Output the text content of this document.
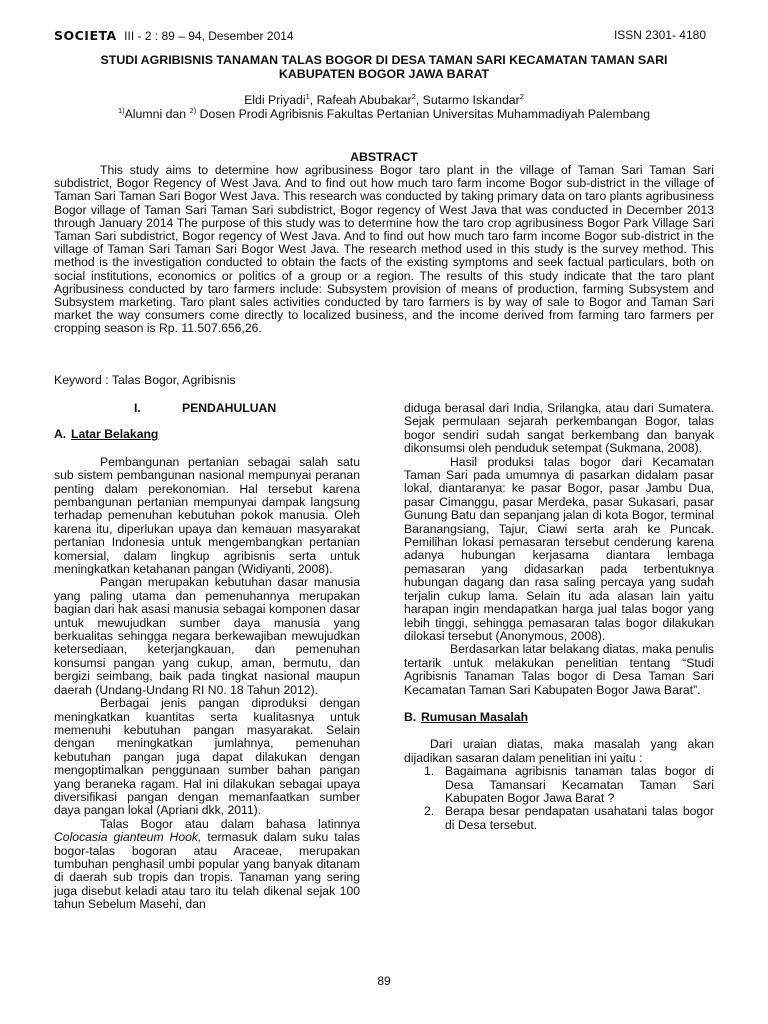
SOCIETA III - 2 : 89 – 94, Desember 2014	ISSN 2301- 4180
STUDI AGRIBISNIS TANAMAN TALAS BOGOR DI DESA TAMAN SARI KECAMATAN TAMAN SARI
KABUPATEN BOGOR JAWA BARAT
Eldi Priyadi$^1$, Rafeah Abubakar$^2$, Sutarmo Iskandar$^2$
$^{1)}$Alumni dan $^{2)}$ Dosen Prodi Agribisnis Fakultas Pertanian Universitas Muhammadiyah Palembang
ABSTRACT
This study aims to determine how agribusiness Bogor taro plant in the village of Taman Sari Taman Sari subdistrict, Bogor Regency of West Java. And to find out how much taro farm income Bogor sub-district in the village of Taman Sari Taman Sari Bogor West Java. This research was conducted by taking primary data on taro plants agribusiness Bogor village of Taman Sari Taman Sari subdistrict, Bogor regency of West Java that was conducted in December 2013 through January 2014 The purpose of this study was to determine how the taro crop agribusiness Bogor Park Village Sari Taman Sari subdistrict, Bogor regency of West Java. And to find out how much taro farm income Bogor sub-district in the village of Taman Sari Taman Sari Bogor West Java. The research method used in this study is the survey method. This method is the investigation conducted to obtain the facts of the existing symptoms and seek factual particulars, both on social institutions, economics or politics of a group or a region. The results of this study indicate that the taro plant Agribusiness conducted by taro farmers include: Subsystem provision of means of production, farming Subsystem and Subsystem marketing. Taro plant sales activities conducted by taro farmers is by way of sale to Bogor and Taman Sari market the way consumers come directly to localized business, and the income derived from farming taro farmers per cropping season is Rp. 11.507.656,26.
Keyword : Talas Bogor, Agribisnis
I.	PENDAHULUAN
A. Latar Belakang

Pembangunan pertanian sebagai salah satu sub sistem pembangunan nasional mempunyai peranan penting dalam perekonomian. Hal tersebut karena pembangunan pertanian mempunyai dampak langsung terhadap pemenuhan kebutuhan pokok manusia. Oleh karena itu, diperlukan upaya dan kemauan masyarakat pertanian Indonesia untuk mengembangkan pertanian komersial, dalam lingkup agribisnis serta untuk meningkatkan ketahanan pangan (Widiyanti, 2008).

Pangan merupakan kebutuhan dasar manusia yang paling utama dan pemenuhannya merupakan bagian dari hak asasi manusia sebagai komponen dasar untuk mewujudkan sumber daya manusia yang berkualitas sehingga negara berkewajiban mewujudkan ketersediaan, keterjangkauan, dan pemenuhan konsumsi pangan yang cukup, aman, bermutu, dan bergizi seimbang, baik pada tingkat nasional maupun daerah (Undang-Undang RI N0. 18 Tahun 2012).

Berbagai jenis pangan diproduksi dengan meningkatkan kuantitas serta kualitasnya untuk memenuhi kebutuhan pangan masyarakat. Selain dengan meningkatkan jumlahnya, pemenuhan kebutuhan pangan juga dapat dilakukan dengan mengoptimalkan penggunaan sumber bahan pangan yang beraneka ragam. Hal ini dilakukan sebagai upaya diversifikasi pangan dengan memanfaatkan sumber daya pangan lokal (Apriani dkk, 2011).

Talas Bogor atau dalam bahasa latinnya Colocasia gianteum Hook, termasuk dalam suku talas bogor-talas bogoran atau Araceae, merupakan tumbuhan penghasil umbi popular yang banyak ditanam di daerah sub tropis dan tropis. Tanaman yang sering juga disebut keladi atau taro itu telah dikenal sejak 100 tahun Sebelum Masehi, dan

diduga berasal dari India, Srilangka, atau dari Sumatera. Sejak permulaan sejarah perkembangan Bogor, talas bogor sendiri sudah sangat berkembang dan banyak dikonsumsi oleh penduduk setempat (Sukmana, 2008).

Hasil produksi talas bogor dari Kecamatan Taman Sari pada umumnya di pasarkan didalam pasar lokal, diantaranya: ke pasar Bogor, pasar Jambu Dua, pasar Cimanggu, pasar Merdeka, pasar Sukasari, pasar Gunung Batu dan sepanjang jalan di kota Bogor, terminal Baranangsiang, Tajur, Ciawi serta arah ke Puncak. Pemilihan lokasi pemasaran tersebut cenderung karena adanya hubungan kerjasama diantara lembaga pemasaran yang didasarkan pada terbentuknya hubungan dagang dan rasa saling percaya yang sudah terjalin cukup lama. Selain itu ada alasan lain yaitu harapan ingin mendapatkan harga jual talas bogor yang lebih tinggi, sehingga pemasaran talas bogor dilakukan dilokasi tersebut (Anonymous, 2008).

Berdasarkan latar belakang diatas, maka penulis tertarik untuk melakukan penelitian tentang “Studi Agribisnis Tanaman Talas bogor di Desa Taman Sari Kecamatan Taman Sari Kabupaten Bogor Jawa Barat”.

B. Rumusan Masalah

Dari uraian diatas, maka masalah yang akan dijadikan sasaran dalam penelitian ini yaitu :

1. Bagaimana agribisnis tanaman talas bogor di Desa Tamansari Kecamatan Taman Sari Kabupaten Bogor Jawa Barat ?
2. Berapa besar pendapatan usahatani talas bogor di Desa tersebut.
89
